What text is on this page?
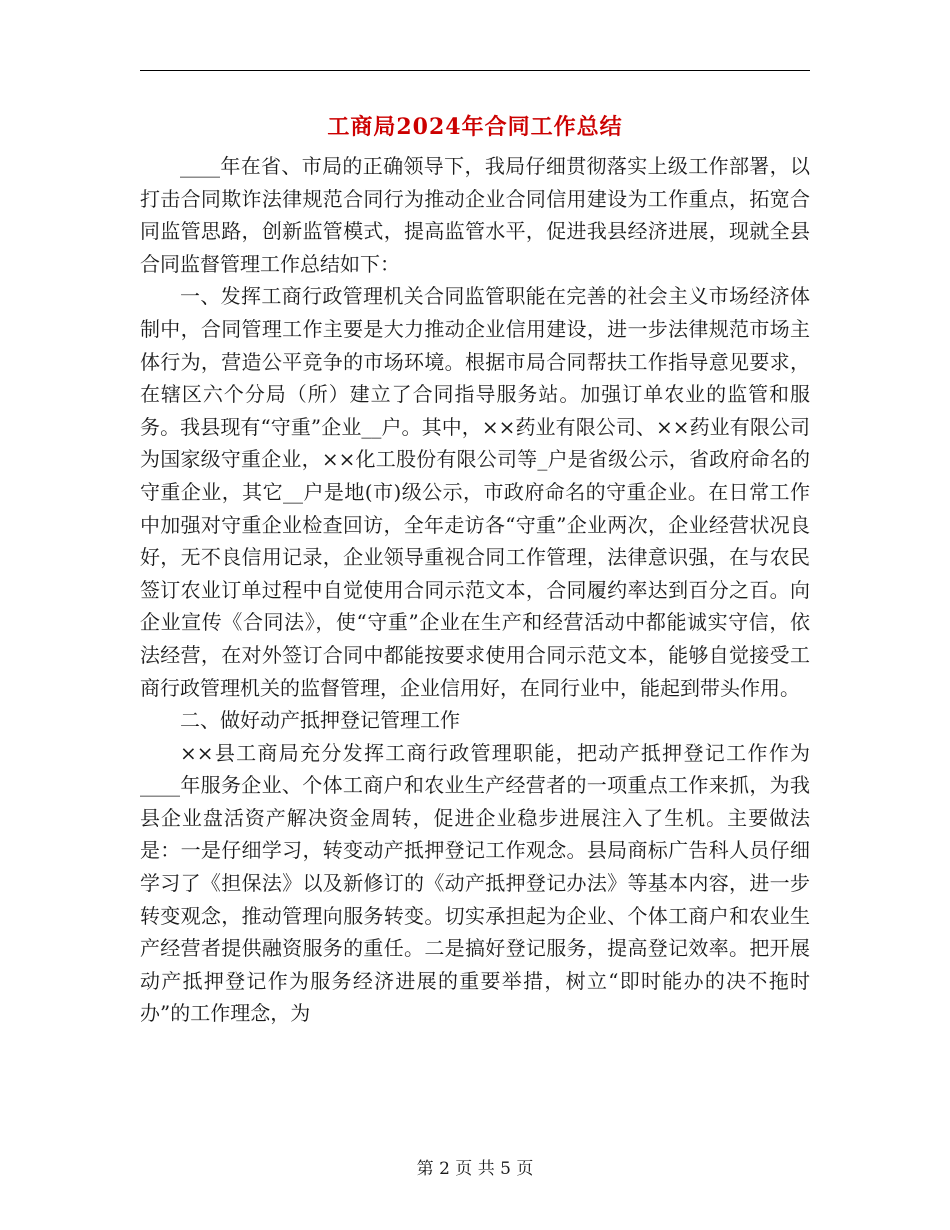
工商局2024年合同工作总结

____年在省、市局的正确领导下，我局仔细贯彻落实上级工作部署，以打击合同欺诈法律规范合同行为推动企业合同信用建设为工作重点，拓宽合同监管思路，创新监管模式，提高监管水平，促进我县经济进展，现就全县合同监督管理工作总结如下：

一、发挥工商行政管理机关合同监管职能在完善的社会主义市场经济体制中，合同管理工作主要是大力推动企业信用建设，进一步法律规范市场主体行为，营造公平竞争的市场环境。根据市局合同帮扶工作指导意见要求，在辖区六个分局（所）建立了合同指导服务站。加强订单农业的监管和服务。我县现有“守重”企业__户。其中，××药业有限公司、××药业有限公司为国家级守重企业，××化工股份有限公司等_户是省级公示，省政府命名的守重企业，其它__户是地(市)级公示，市政府命名的守重企业。在日常工作中加强对守重企业检查回访，全年走访各“守重”企业两次，企业经营状况良好，无不良信用记录，企业领导重视合同工作管理，法律意识强，在与农民签订农业订单过程中自觉使用合同示范文本，合同履约率达到百分之百。向企业宣传《合同法》，使“守重”企业在生产和经营活动中都能诚实守信，依法经营，在对外签订合同中都能按要求使用合同示范文本，能够自觉接受工商行政管理机关的监督管理，企业信用好，在同行业中，能起到带头作用。

二、做好动产抵押登记管理工作

××县工商局充分发挥工商行政管理职能，把动产抵押登记工作作为____年服务企业、个体工商户和农业生产经营者的一项重点工作来抓，为我县企业盘活资产解决资金周转，促进企业稳步进展注入了生机。主要做法是：一是仔细学习，转变动产抵押登记工作观念。县局商标广告科人员仔细学习了《担保法》以及新修订的《动产抵押登记办法》等基本内容，进一步转变观念，推动管理向服务转变。切实承担起为企业、个体工商户和农业生产经营者提供融资服务的重任。二是搞好登记服务，提高登记效率。把开展动产抵押登记作为服务经济进展的重要举措，树立“即时能办的决不拖时办”的工作理念，为

第 2 页 共 5 页
